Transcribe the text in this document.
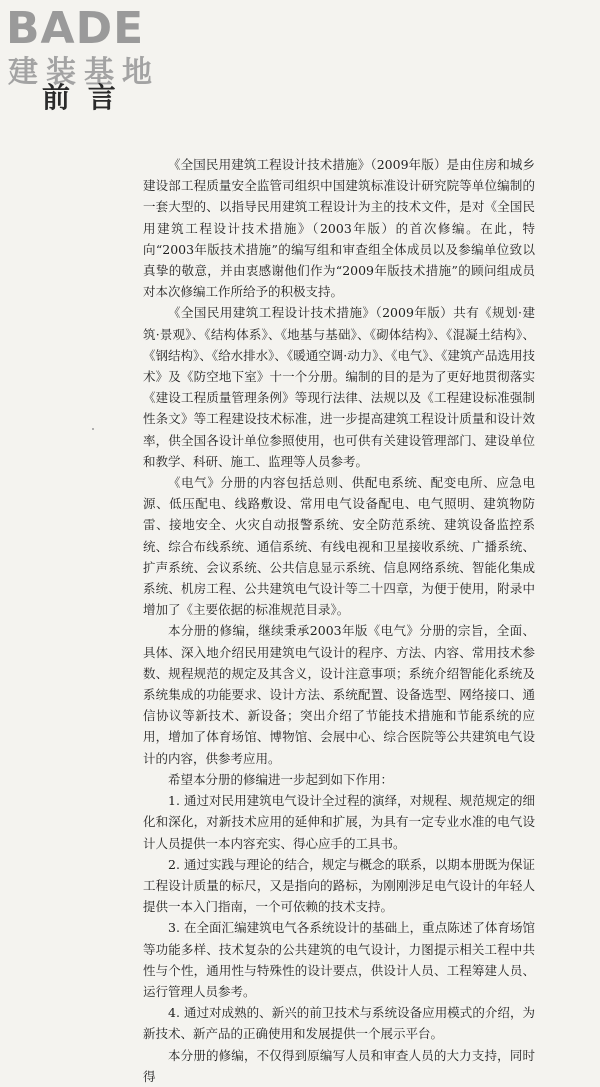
BADE
建装基地
前 言

《全国民用建筑工程设计技术措施》（2009年版）是由住房和城乡建设部工程质量安全监管司组织中国建筑标准设计研究院等单位编制的一套大型的、以指导民用建筑工程设计为主的技术文件，是对《全国民用建筑工程设计技术措施》（2003年版）的首次修编。在此，特向“2003年版技术措施”的编写组和审查组全体成员以及参编单位致以真挚的敬意，并由衷感谢他们作为“2009年版技术措施”的顾问组成员对本次修编工作所给予的积极支持。

《全国民用建筑工程设计技术措施》（2009年版）共有《规划·建筑·景观》、《结构体系》、《地基与基础》、《砌体结构》、《混凝土结构》、《钢结构》、《给水排水》、《暖通空调·动力》、《电气》、《建筑产品选用技术》及《防空地下室》十一个分册。编制的目的是为了更好地贯彻落实《建设工程质量管理条例》等现行法律、法规以及《工程建设标准强制性条文》等工程建设技术标准，进一步提高建筑工程设计质量和设计效率，供全国各设计单位参照使用，也可供有关建设管理部门、建设单位和教学、科研、施工、监理等人员参考。

《电气》分册的内容包括总则、供配电系统、配变电所、应急电源、低压配电、线路敷设、常用电气设备配电、电气照明、建筑物防雷、接地安全、火灾自动报警系统、安全防范系统、建筑设备监控系统、综合布线系统、通信系统、有线电视和卫星接收系统、广播系统、扩声系统、会议系统、公共信息显示系统、信息网络系统、智能化集成系统、机房工程、公共建筑电气设计等二十四章，为便于使用，附录中增加了《主要依据的标准规范目录》。

本分册的修编，继续秉承2003年版《电气》分册的宗旨，全面、具体、深入地介绍民用建筑电气设计的程序、方法、内容、常用技术参数、规程规范的规定及其含义，设计注意事项；系统介绍智能化系统及系统集成的功能要求、设计方法、系统配置、设备选型、网络接口、通信协议等新技术、新设备；突出介绍了节能技术措施和节能系统的应用，增加了体育场馆、博物馆、会展中心、综合医院等公共建筑电气设计的内容，供参考应用。

希望本分册的修编进一步起到如下作用：

1. 通过对民用建筑电气设计全过程的演绎，对规程、规范规定的细化和深化，对新技术应用的延伸和扩展，为具有一定专业水准的电气设计人员提供一本内容充实、得心应手的工具书。

2. 通过实践与理论的结合，规定与概念的联系，以期本册既为保证工程设计质量的标尺，又是指向的路标，为刚刚涉足电气设计的年轻人提供一本入门指南，一个可依赖的技术支持。

3. 在全面汇编建筑电气各系统设计的基础上，重点陈述了体育场馆等功能多样、技术复杂的公共建筑的电气设计，力图提示相关工程中共性与个性，通用性与特殊性的设计要点，供设计人员、工程筹建人员、运行管理人员参考。

4. 通过对成熟的、新兴的前卫技术与系统设备应用模式的介绍，为新技术、新产品的正确使用和发展提供一个展示平台。

本分册的修编，不仅得到原编写人员和审查人员的大力支持，同时得
